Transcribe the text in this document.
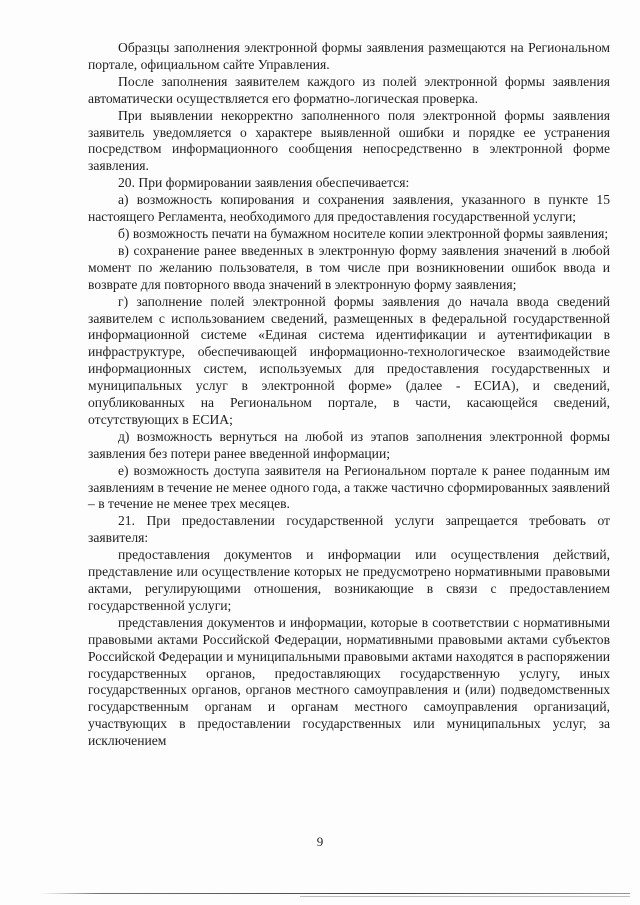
Образцы заполнения электронной формы заявления размещаются на Региональном портале, официальном сайте Управления.

После заполнения заявителем каждого из полей электронной формы заявления автоматически осуществляется его форматно-логическая проверка.

При выявлении некорректно заполненного поля электронной формы заявления заявитель уведомляется о характере выявленной ошибки и порядке ее устранения посредством информационного сообщения непосредственно в электронной форме заявления.

20. При формировании заявления обеспечивается:

а) возможность копирования и сохранения заявления, указанного в пункте 15 настоящего Регламента, необходимого для предоставления государственной услуги;

б) возможность печати на бумажном носителе копии электронной формы заявления;

в) сохранение ранее введенных в электронную форму заявления значений в любой момент по желанию пользователя, в том числе при возникновении ошибок ввода и возврате для повторного ввода значений в электронную форму заявления;

г) заполнение полей электронной формы заявления до начала ввода сведений заявителем с использованием сведений, размещенных в федеральной государственной информационной системе «Единая система идентификации и аутентификации в инфраструктуре, обеспечивающей информационно-технологическое взаимодействие информационных систем, используемых для предоставления государственных и муниципальных услуг в электронной форме» (далее - ЕСИА), и сведений, опубликованных на Региональном портале, в части, касающейся сведений, отсутствующих в ЕСИА;

д) возможность вернуться на любой из этапов заполнения электронной формы заявления без потери ранее введенной информации;

е) возможность доступа заявителя на Региональном портале к ранее поданным им заявлениям в течение не менее одного года, а также частично сформированных заявлений – в течение не менее трех месяцев.

21. При предоставлении государственной услуги запрещается требовать от заявителя:

предоставления документов и информации или осуществления действий, представление или осуществление которых не предусмотрено нормативными правовыми актами, регулирующими отношения, возникающие в связи с предоставлением государственной услуги;

представления документов и информации, которые в соответствии с нормативными правовыми актами Российской Федерации, нормативными правовыми актами субъектов Российской Федерации и муниципальными правовыми актами находятся в распоряжении государственных органов, предоставляющих государственную услугу, иных государственных органов, органов местного самоуправления и (или) подведомственных государственным органам и органам местного самоуправления организаций, участвующих в предоставлении государственных или муниципальных услуг, за исключением

9
